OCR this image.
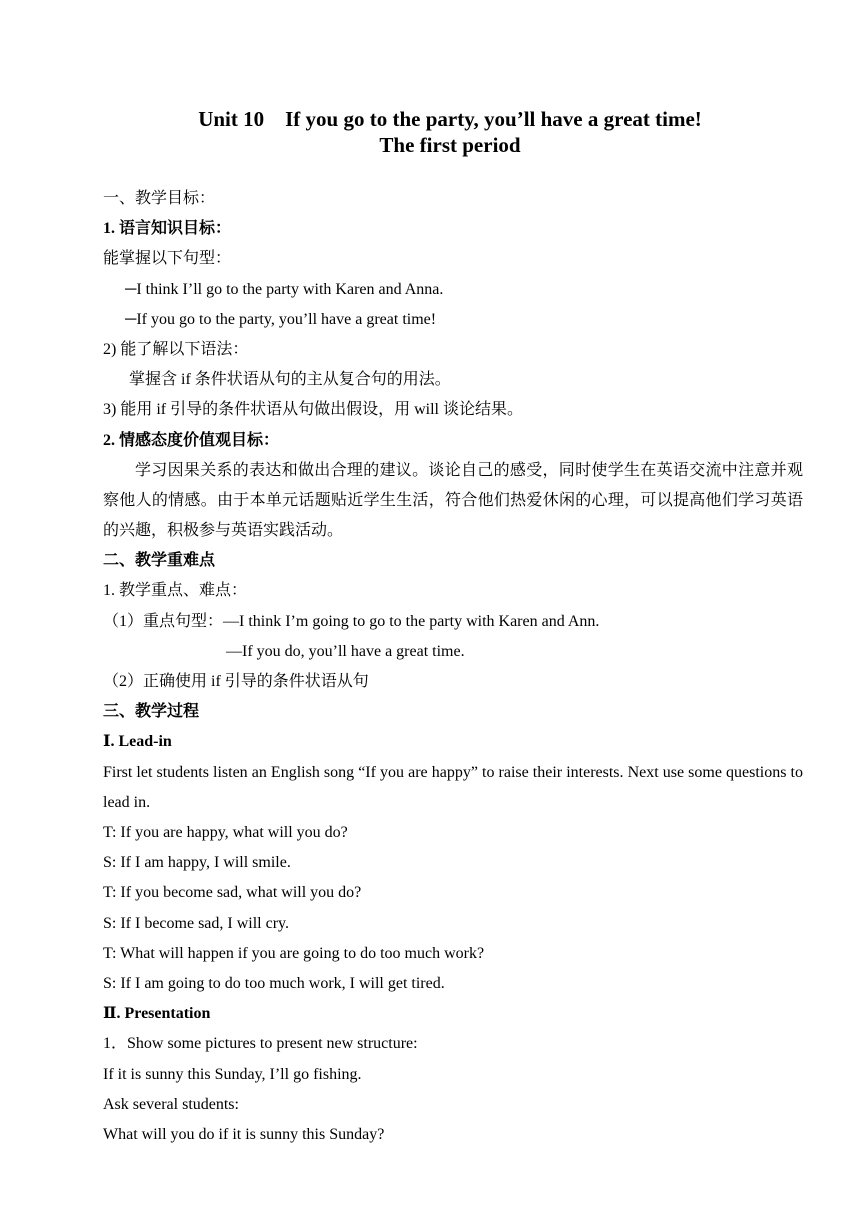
Unit 10    If you go to the party, you’ll have a great time!
The first period
一、教学目标：
1. 语言知识目标：
能掌握以下句型：
─I think I’ll go to the party with Karen and Anna.
─If you go to the party, you’ll have a great time!
2) 能了解以下语法：
掌握含 if 条件状语从句的主从复合句的用法。
3) 能用 if 引导的条件状语从句做出假设，用 will 谈论结果。
2. 情感态度价值观目标：
学习因果关系的表达和做出合理的建议。谈论自己的感受，同时使学生在英语交流中注意并观察他人的情感。由于本单元话题贴近学生生活，符合他们热爱休闲的心理，可以提高他们学习英语的兴趣，积极参与英语实践活动。
二、教学重难点
1. 教学重点、难点：
（1）重点句型：—I think I’m going to go to the party with Karen and Ann.
—If you do, you’ll have a great time.
（2）正确使用 if 引导的条件状语从句
三、教学过程
Ⅰ. Lead-in
First let students listen an English song “If you are happy” to raise their interests. Next use some questions to lead in.
T: If you are happy, what will you do?
S: If I am happy, I will smile.
T: If you become sad, what will you do?
S: If I become sad, I will cry.
T: What will happen if you are going to do too much work?
S: If I am going to do too much work, I will get tired.
Ⅱ. Presentation
1．Show some pictures to present new structure:
If it is sunny this Sunday, I’ll go fishing.
Ask several students:
What will you do if it is sunny this Sunday?
